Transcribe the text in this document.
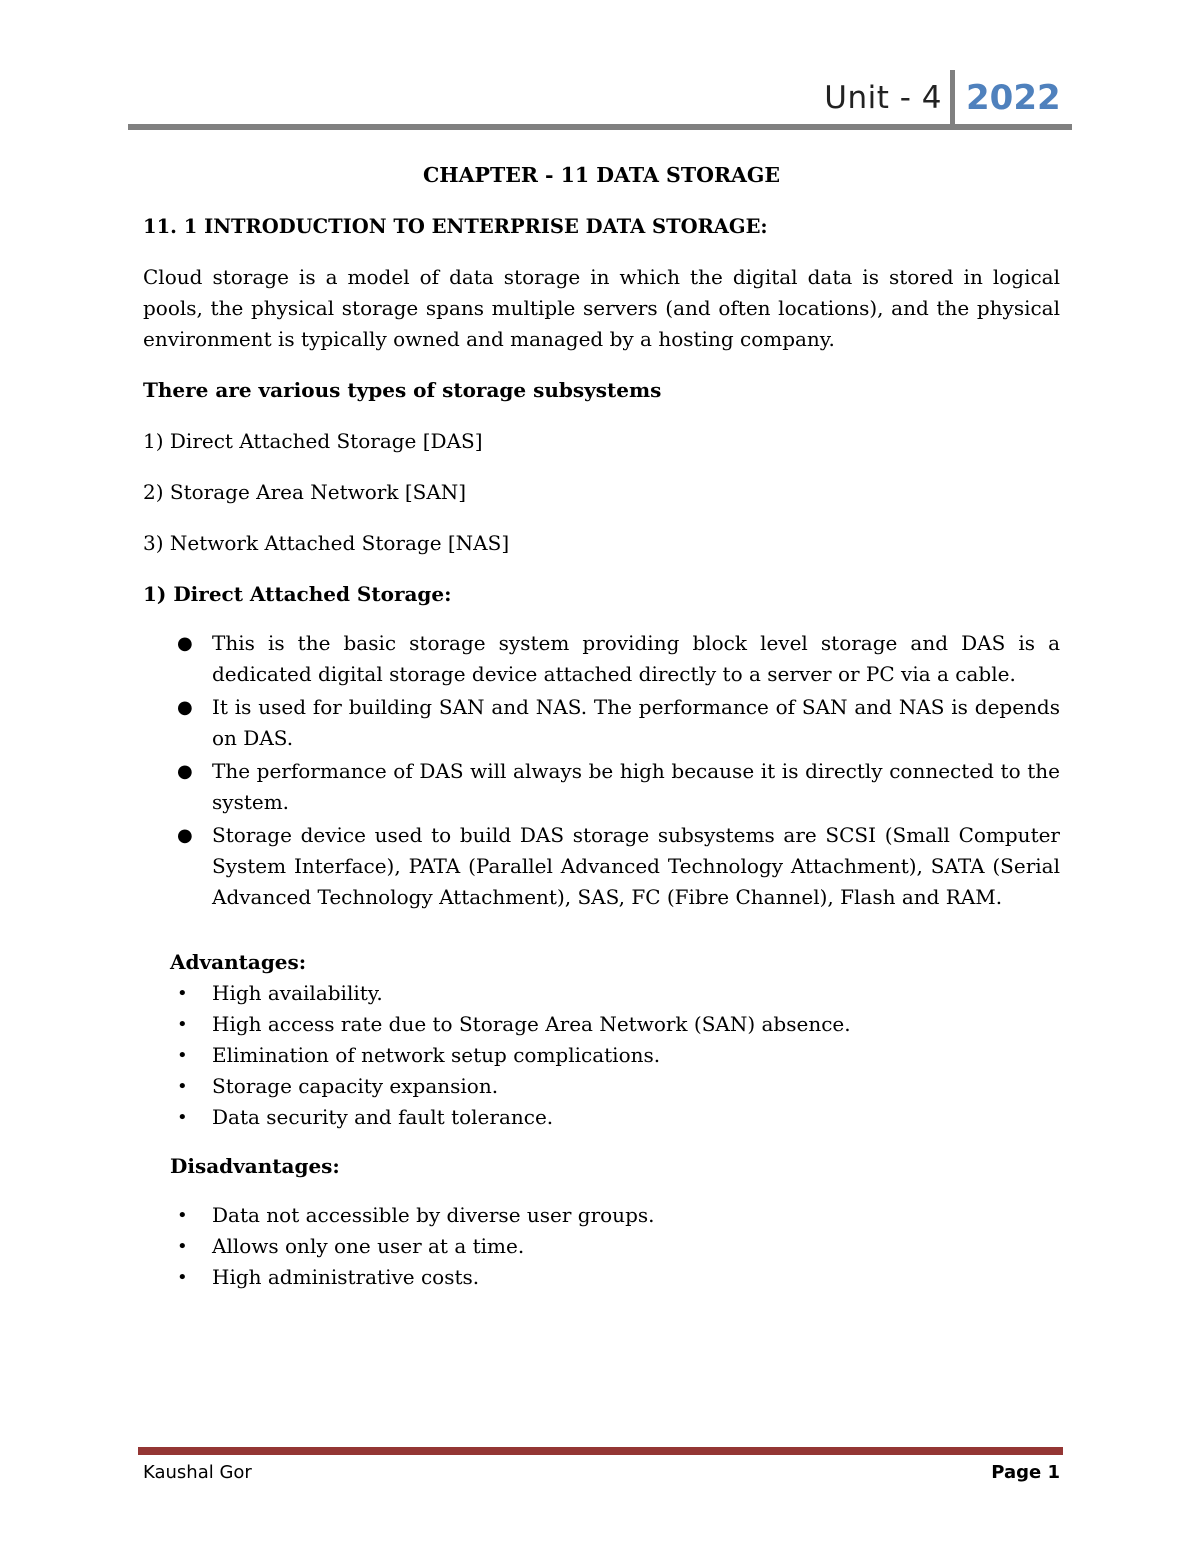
Unit - 4 2022
CHAPTER - 11 DATA STORAGE
11. 1 INTRODUCTION TO ENTERPRISE DATA STORAGE:

Cloud storage is a model of data storage in which the digital data is stored in logical pools, the physical storage spans multiple servers (and often locations), and the physical environment is typically owned and managed by a hosting company.

There are various types of storage subsystems

1) Direct Attached Storage [DAS]

2) Storage Area Network [SAN]

3) Network Attached Storage [NAS]

1) Direct Attached Storage:

● This is the basic storage system providing block level storage and DAS is a dedicated digital storage device attached directly to a server or PC via a cable.
● It is used for building SAN and NAS. The performance of SAN and NAS is depends on DAS.
● The performance of DAS will always be high because it is directly connected to the system.
● Storage device used to build DAS storage subsystems are SCSI (Small Computer System Interface), PATA (Parallel Advanced Technology Attachment), SATA (Serial Advanced Technology Attachment), SAS, FC (Fibre Channel), Flash and RAM.
Advantages:
• High availability.
• High access rate due to Storage Area Network (SAN) absence.
• Elimination of network setup complications.
• Storage capacity expansion.
• Data security and fault tolerance.
Disadvantages:
• Data not accessible by diverse user groups.
• Allows only one user at a time.
• High administrative costs.
Kaushal Gor	Page 1
